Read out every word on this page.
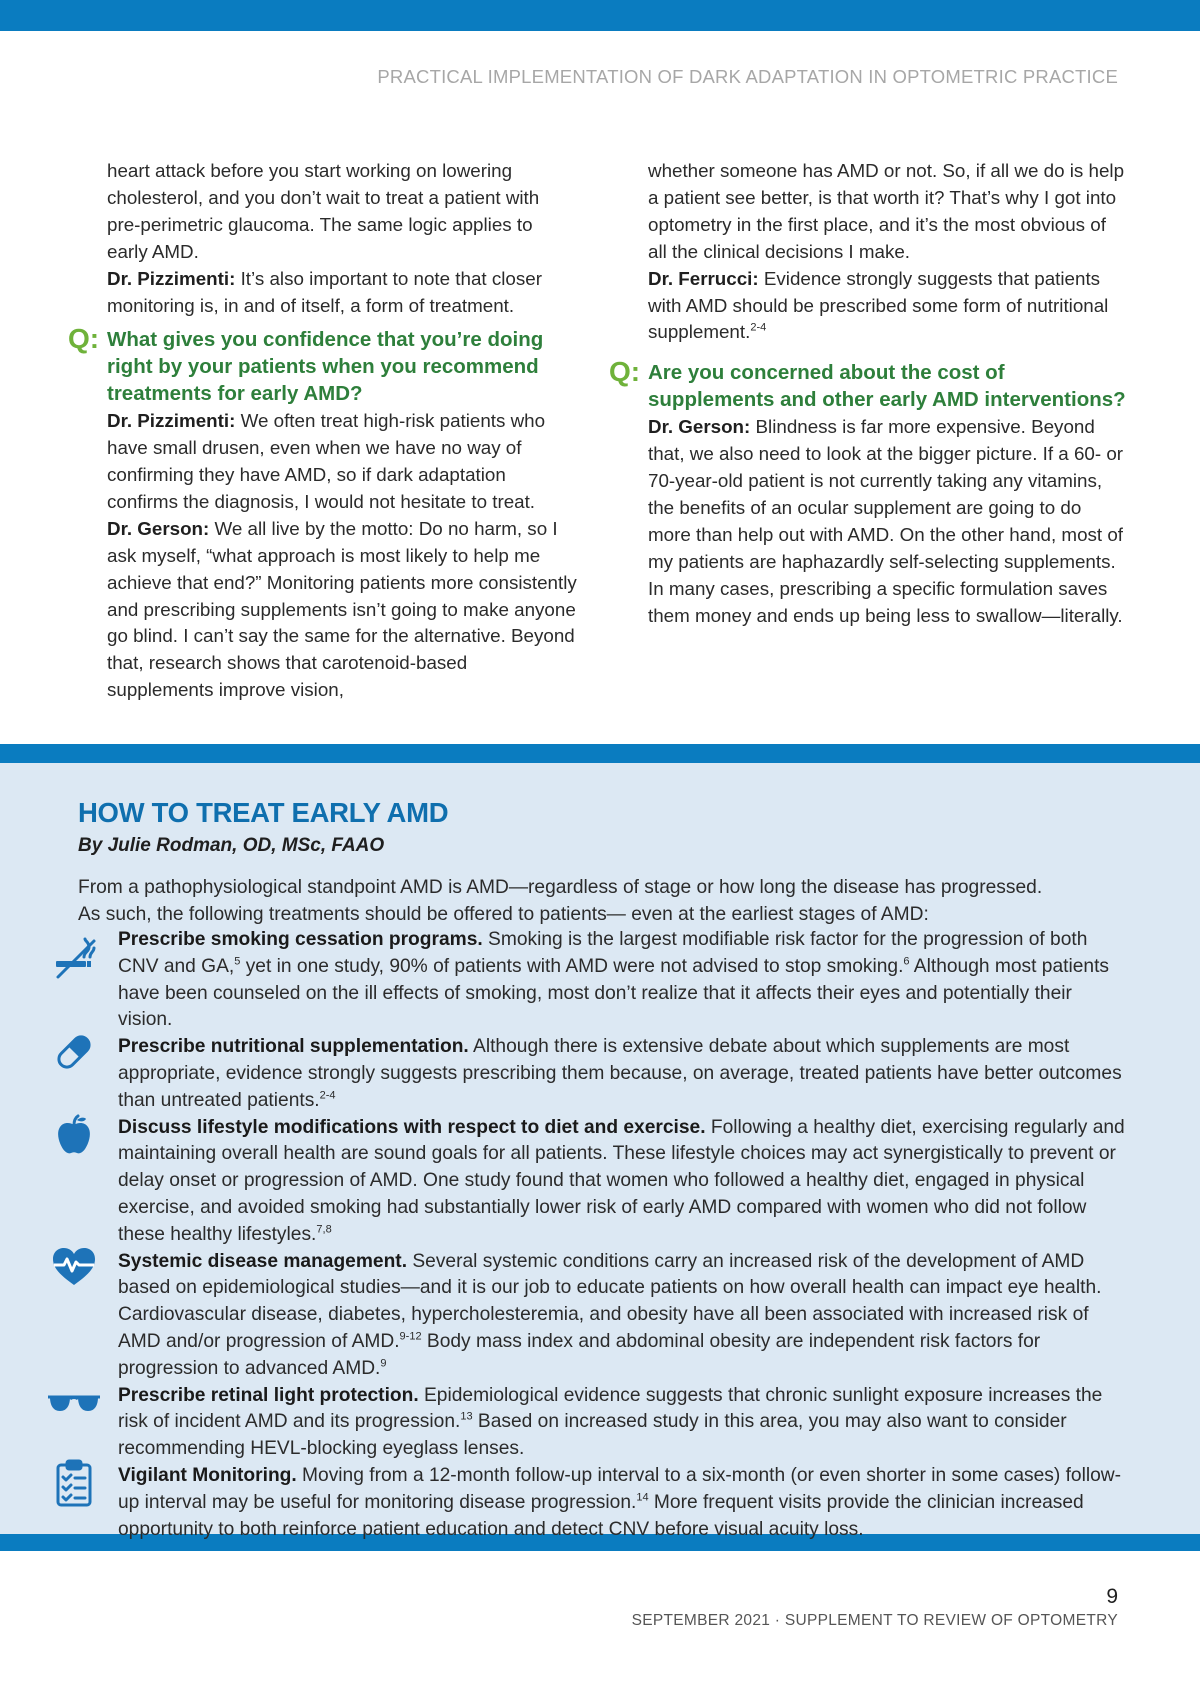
PRACTICAL IMPLEMENTATION OF DARK ADAPTATION IN OPTOMETRIC PRACTICE

heart attack before you start working on lowering cholesterol, and you don’t wait to treat a patient with pre-perimetric glaucoma. The same logic applies to early AMD.

Dr. Pizzimenti: It’s also important to note that closer monitoring is, in and of itself, a form of treatment.

Q: What gives you confidence that you’re doing right by your patients when you recommend treatments for early AMD?

Dr. Pizzimenti: We often treat high-risk patients who have small drusen, even when we have no way of confirming they have AMD, so if dark adaptation confirms the diagnosis, I would not hesitate to treat.

Dr. Gerson: We all live by the motto: Do no harm, so I ask myself, “what approach is most likely to help me achieve that end?” Monitoring patients more consistently and prescribing supplements isn’t going to make anyone go blind. I can’t say the same for the alternative. Beyond that, research shows that carotenoid-based supplements improve vision,

whether someone has AMD or not. So, if all we do is help a patient see better, is that worth it? That’s why I got into optometry in the first place, and it’s the most obvious of all the clinical decisions I make.

Dr. Ferrucci: Evidence strongly suggests that patients with AMD should be prescribed some form of nutritional supplement.$^{2-4}$

Q: Are you concerned about the cost of supplements and other early AMD interventions?

Dr. Gerson: Blindness is far more expensive. Beyond that, we also need to look at the bigger picture. If a 60- or 70-year-old patient is not currently taking any vitamins, the benefits of an ocular supplement are going to do more than help out with AMD. On the other hand, most of my patients are haphazardly self-selecting supplements. In many cases, prescribing a specific formulation saves them money and ends up being less to swallow—literally.

HOW TO TREAT EARLY AMD
By Julie Rodman, OD, MSc, FAAO

From a pathophysiological standpoint AMD is AMD—regardless of stage or how long the disease has progressed.

As such, the following treatments should be offered to patients— even at the earliest stages of AMD:

Prescribe smoking cessation programs. Smoking is the largest modifiable risk factor for the progression of both CNV and GA,$^5$ yet in one study, 90% of patients with AMD were not advised to stop smoking.$^6$ Although most patients have been counseled on the ill effects of smoking, most don’t realize that it affects their eyes and potentially their vision.
Prescribe nutritional supplementation. Although there is extensive debate about which supplements are most appropriate, evidence strongly suggests prescribing them because, on average, treated patients have better outcomes than untreated patients.$^{2-4}$
Discuss lifestyle modifications with respect to diet and exercise. Following a healthy diet, exercising regularly and maintaining overall health are sound goals for all patients. These lifestyle choices may act synergistically to prevent or delay onset or progression of AMD. One study found that women who followed a healthy diet, engaged in physical exercise, and avoided smoking had substantially lower risk of early AMD compared with women who did not follow these healthy lifestyles.$^{7,8}$
Systemic disease management. Several systemic conditions carry an increased risk of the development of AMD based on epidemiological studies—and it is our job to educate patients on how overall health can impact eye health. Cardiovascular disease, diabetes, hypercholesteremia, and obesity have all been associated with increased risk of AMD and/or progression of AMD.$^{9-12}$ Body mass index and abdominal obesity are independent risk factors for progression to advanced AMD.$^9$
Prescribe retinal light protection. Epidemiological evidence suggests that chronic sunlight exposure increases the risk of incident AMD and its progression.$^{13}$ Based on increased study in this area, you may also want to consider recommending HEVL-blocking eyeglass lenses.
Vigilant Monitoring. Moving from a 12-month follow-up interval to a six-month (or even shorter in some cases) follow-up interval may be useful for monitoring disease progression.$^{14}$ More frequent visits provide the clinician increased opportunity to both reinforce patient education and detect CNV before visual acuity loss.
9
SEPTEMBER 2021 · SUPPLEMENT TO REVIEW OF OPTOMETRY
